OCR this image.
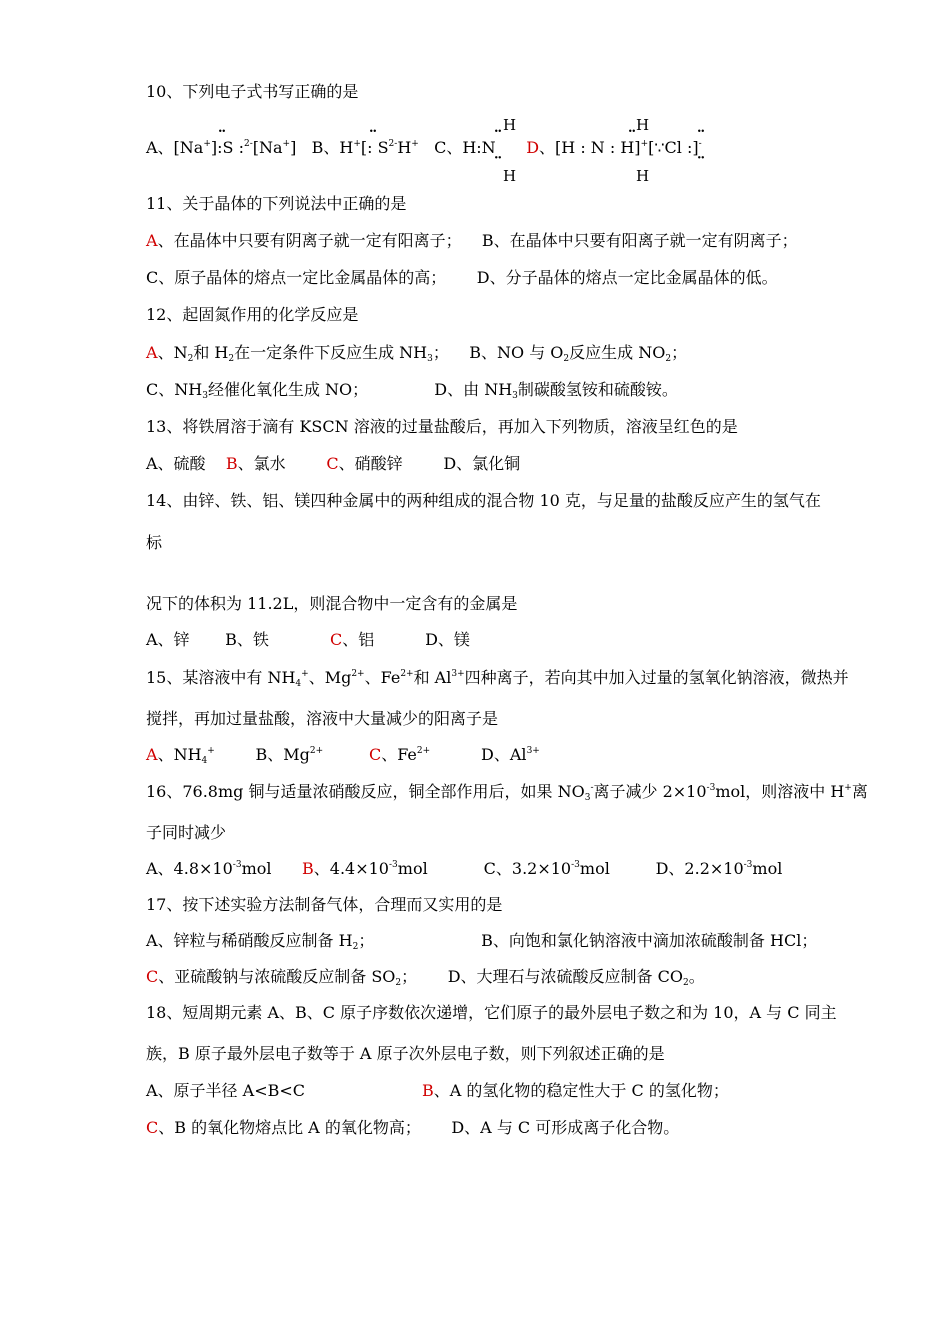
10、下列电子式书写正确的是
..	..	.. H	.. H	..
A、[Na+]:S :$^{2-}$[Na+] B、H+[: $S^{2-}H^+$ C、H:N D、[H : N : H]+[∵Cl :]-
··	··
H	H
11、关于晶体的下列说法中正确的是
A、在晶体中只要有阴离子就一定有阳离子； B、在晶体中只要有阳离子就一定有阴离子；
C、原子晶体的熔点一定比金属晶体的高； D、分子晶体的熔点一定比金属晶体的低。
12、起固氮作用的化学反应是
A、$N_2$和 $H_2$在一定条件下反应生成 $NH_3$； B、NO 与 $O_2$反应生成 $NO_2$；
C、$NH_3$经催化氧化生成 NO；	D、由 $NH_3$制碳酸氢铵和硫酸铵。
13、将铁屑溶于滴有 KSCN 溶液的过量盐酸后，再加入下列物质，溶液呈红色的是
A、硫酸 B、氯水	C、硝酸锌	D、氯化铜
14、由锌、铁、铝、镁四种金属中的两种组成的混合物 10 克，与足量的盐酸反应产生的氢气在
标
况下的体积为 11.2L，则混合物中一定含有的金属是
A、锌 B、铁	C、铝	D、镁
15、某溶液中有 $NH_4^+$、$Mg^{2+}$、$Fe^{2+}$和 $Al^{3+}$四种离子，若向其中加入过量的氢氧化钠溶液，微热并
搅拌，再加过量盐酸，溶液中大量减少的阳离子是
A、$NH_4^+$	B、$Mg^{2+}$	C、$Fe^{2+}$	D、$Al^{3+}$
16、76.8mg 铜与适量浓硝酸反应，铜全部作用后，如果 $NO_3^-$离子减少 $2\times 10^{-3}mol$，则溶液中 H+离
子同时减少
A、$4.8\times 10^{-3}mol$ B、$4.4\times 10^{-3}mol$	C、$3.2\times 10^{-3}mol$	D、$2.2\times 10^{-3}mol$
17、按下述实验方法制备气体，合理而又实用的是
A、锌粒与稀硝酸反应制备 $H_2$；	B、向饱和氯化钠溶液中滴加浓硫酸制备 HCl；
C、亚硫酸钠与浓硫酸反应制备 $SO_2$； D、大理石与浓硫酸反应制备 $CO_2$。
18、短周期元素 A、B、C 原子序数依次递增，它们原子的最外层电子数之和为 10，A 与 C 同主
族，B 原子最外层电子数等于 A 原子次外层电子数，则下列叙述正确的是
A、原子半径 A<B<C	B、A 的氢化物的稳定性大于 C 的氢化物；
C、B 的氧化物熔点比 A 的氧化物高； D、A 与 C 可形成离子化合物。
